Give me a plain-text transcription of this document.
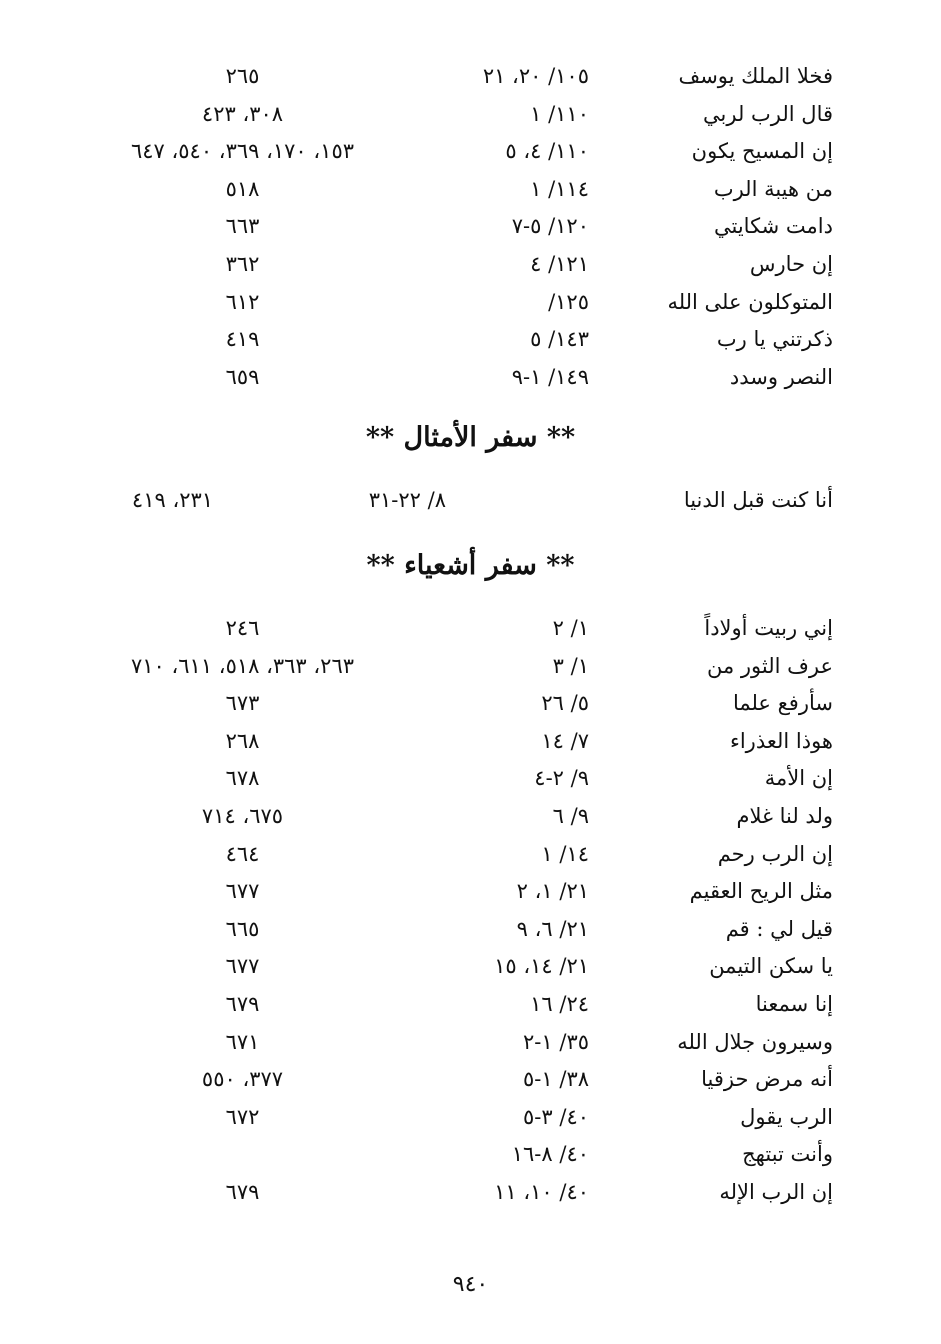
فخلا الملك يوسف
١٠٥/ ٢٠، ٢١
٢٦٥
قال الرب لربي
١١٠/ ١
٣٠٨، ٤٢٣
إن المسيح يكون
١١٠/ ٤، ٥
١٥٣، ١٧٠، ٣٦٩، ٥٤٠، ٦٤٧
من هيبة الرب
١١٤/ ١
٥١٨
دامت شكايتي
١٢٠/ ٥-٧
٦٦٣
إن حارس
١٢١/ ٤
٣٦٢
المتوكلون على الله
١٢٥/
٦١٢
ذكرتني يا رب
١٤٣/ ٥
٤١٩
النصر وسدد
١٤٩/ ١-٩
٦٥٩
** سفر الأمثال **
أنا كنت قبل الدنيا
٨/ ٢٢-٣١
٢٣١، ٤١٩
** سفر أشعياء **
إني ربيت أولاداً
١/ ٢
٢٤٦
عرف الثور من
١/ ٣
٢٦٣، ٣٦٣، ٥١٨، ٦١١، ٧١٠
سأرفع علما
٥/ ٢٦
٦٧٣
هوذا العذراء
٧/ ١٤
٢٦٨
إن الأمة
٩/ ٢-٤
٦٧٨
ولد لنا غلام
٩/ ٦
٦٧٥، ٧١٤
إن الرب رحم
١٤/ ١
٤٦٤
مثل الريح العقيم
٢١/ ١، ٢
٦٧٧
قيل لي : قم
٢١/ ٦، ٩
٦٦٥
يا سكن التيمن
٢١/ ١٤، ١٥
٦٧٧
إنا سمعنا
٢٤/ ١٦
٦٧٩
وسيرون جلال الله
٣٥/ ١-٢
٦٧١
أنه مرض حزقيا
٣٨/ ١-٥
٣٧٧، ٥٥٠
الرب يقول
٤٠/ ٣-٥
٦٧٢
وأنت تبتهج
٤٠/ ٨-١٦
إن الرب الإله
٤٠/ ١٠، ١١
٦٧٩
٩٤٠
